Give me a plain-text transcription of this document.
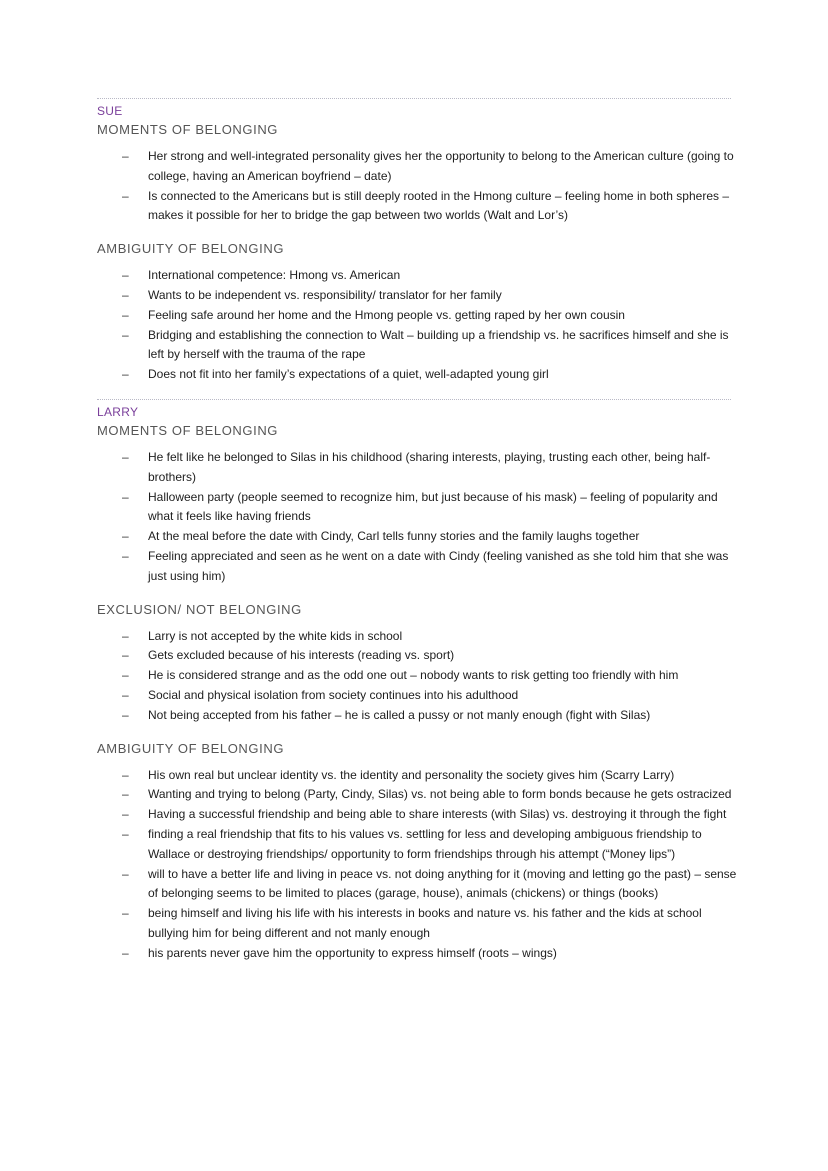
SUE
MOMENTS OF BELONGING
– Her strong and well-integrated personality gives her the opportunity to belong to the American culture (going to college, having an American boyfriend – date)
– Is connected to the Americans but is still deeply rooted in the Hmong culture – feeling home in both spheres – makes it possible for her to bridge the gap between two worlds (Walt and Lor’s)
AMBIGUITY OF BELONGING
– International competence: Hmong vs. American
– Wants to be independent vs. responsibility/ translator for her family
– Feeling safe around her home and the Hmong people vs. getting raped by her own cousin
– Bridging and establishing the connection to Walt – building up a friendship vs. he sacrifices himself and she is left by herself with the trauma of the rape
– Does not fit into her family’s expectations of a quiet, well-adapted young girl
LARRY
MOMENTS OF BELONGING
– He felt like he belonged to Silas in his childhood (sharing interests, playing, trusting each other, being half-brothers)
– Halloween party (people seemed to recognize him, but just because of his mask) – feeling of popularity and what it feels like having friends
– At the meal before the date with Cindy, Carl tells funny stories and the family laughs together
– Feeling appreciated and seen as he went on a date with Cindy (feeling vanished as she told him that she was just using him)
EXCLUSION/ NOT BELONGING
– Larry is not accepted by the white kids in school
– Gets excluded because of his interests (reading vs. sport)
– He is considered strange and as the odd one out – nobody wants to risk getting too friendly with him
– Social and physical isolation from society continues into his adulthood
– Not being accepted from his father – he is called a pussy or not manly enough (fight with Silas)
AMBIGUITY OF BELONGING
– His own real but unclear identity vs. the identity and personality the society gives him (Scarry Larry)
– Wanting and trying to belong (Party, Cindy, Silas) vs. not being able to form bonds because he gets ostracized
– Having a successful friendship and being able to share interests (with Silas) vs. destroying it through the fight
– finding a real friendship that fits to his values vs. settling for less and developing ambiguous friendship to Wallace or destroying friendships/ opportunity to form friendships through his attempt (“Money lips”)
– will to have a better life and living in peace vs. not doing anything for it (moving and letting go the past) – sense of belonging seems to be limited to places (garage, house), animals (chickens) or things (books)
– being himself and living his life with his interests in books and nature vs. his father and the kids at school bullying him for being different and not manly enough
– his parents never gave him the opportunity to express himself (roots – wings)
